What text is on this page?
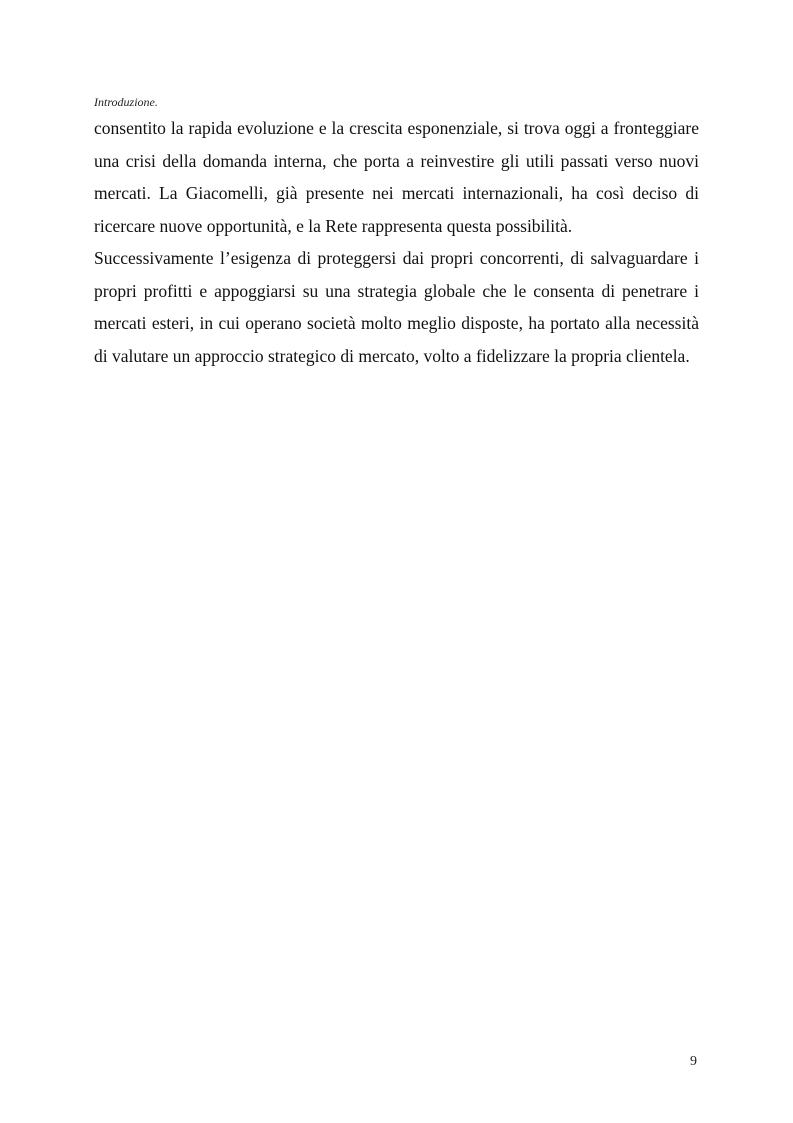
Introduzione.

consentito la rapida evoluzione e la crescita esponenziale, si trova oggi a fronteggiare una crisi della domanda interna, che porta a reinvestire gli utili passati verso nuovi mercati. La Giacomelli, già presente nei mercati internazionali, ha così deciso di ricercare nuove opportunità, e la Rete rappresenta questa possibilità.

Successivamente l’esigenza di proteggersi dai propri concorrenti, di salvaguardare i propri profitti e appoggiarsi su una strategia globale che le consenta di penetrare i mercati esteri, in cui operano società molto meglio disposte, ha portato alla necessità di valutare un approccio strategico di mercato, volto a fidelizzare la propria clientela.

9
